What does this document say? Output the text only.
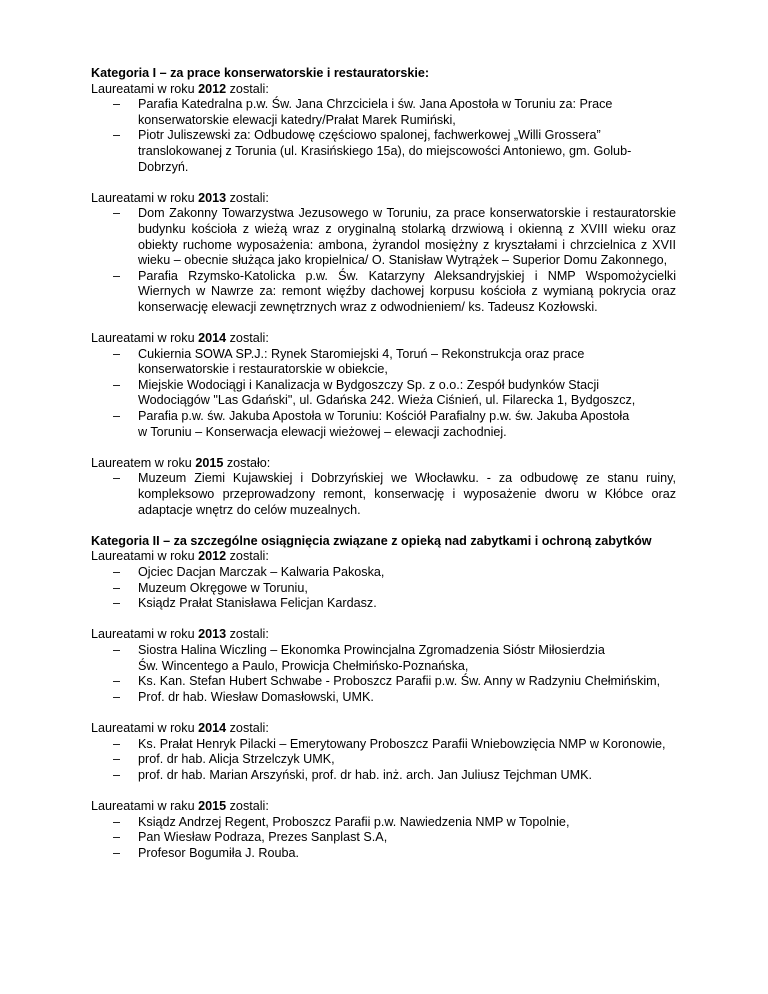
Kategoria I – za prace konserwatorskie i restauratorskie:
Laureatami w roku 2012 zostali:
– Parafia Katedralna p.w. Św. Jana Chrzciciela i św. Jana Apostoła w Toruniu za: Prace
konserwatorskie elewacji katedry/Prałat Marek Rumiński,
– Piotr Juliszewski za: Odbudowę częściowo spalonej, fachwerkowej „Willi Grossera”
translokowanej z Torunia (ul. Krasińskiego 15a), do miejscowości Antoniewo, gm. Golub-
Dobrzyń.
Laureatami w roku 2013 zostali:
– Dom Zakonny Towarzystwa Jezusowego w Toruniu, za prace konserwatorskie i restauratorskie
budynku kościoła z wieżą wraz z oryginalną stolarką drzwiową i okienną z XVIII wieku oraz
obiekty ruchome wyposażenia: ambona, żyrandol mosiężny z kryształami i chrzcielnica z XVII
wieku – obecnie służąca jako kropielnica/ O. Stanisław Wytrążek – Superior Domu Zakonnego,
– Parafia Rzymsko-Katolicka p.w. Św. Katarzyny Aleksandryjskiej i NMP Wspomożycielki
Wiernych w Nawrze za: remont więźby dachowej korpusu kościoła z wymianą pokrycia oraz
konserwację elewacji zewnętrznych wraz z odwodnieniem/ ks. Tadeusz Kozłowski.
Laureatami w roku 2014 zostali:
– Cukiernia SOWA SP.J.: Rynek Staromiejski 4, Toruń – Rekonstrukcja oraz prace
konserwatorskie i restauratorskie w obiekcie,
– Miejskie Wodociągi i Kanalizacja w Bydgoszczy Sp. z o.o.: Zespół budynków Stacji
Wodociągów "Las Gdański", ul. Gdańska 242. Wieża Ciśnień, ul. Filarecka 1, Bydgoszcz,
– Parafia p.w. św. Jakuba Apostoła w Toruniu: Kościół Parafialny p.w. św. Jakuba Apostoła
w Toruniu – Konserwacja elewacji wieżowej – elewacji zachodniej.
Laureatem w roku 2015 zostało:
– Muzeum Ziemi Kujawskiej i Dobrzyńskiej we Włocławku. - za odbudowę ze stanu ruiny,
kompleksowo przeprowadzony remont, konserwację i wyposażenie dworu w Kłóbce oraz
adaptacje wnętrz do celów muzealnych.
Kategoria II – za szczególne osiągnięcia związane z opieką nad zabytkami i ochroną zabytków
Laureatami w roku 2012 zostali:
– Ojciec Dacjan Marczak – Kalwaria Pakoska,
– Muzeum Okręgowe w Toruniu,
– Ksiądz Prałat Stanisława Felicjan Kardasz.
Laureatami w roku 2013 zostali:
– Siostra Halina Wiczling – Ekonomka Prowincjalna Zgromadzenia Sióstr Miłosierdzia
Św. Wincentego a Paulo, Prowicja Chełmińsko-Poznańska,
– Ks. Kan. Stefan Hubert Schwabe - Proboszcz Parafii p.w. Św. Anny w Radzyniu Chełmińskim,
– Prof. dr hab. Wiesław Domasłowski, UMK.
Laureatami w roku 2014 zostali:
– Ks. Prałat Henryk Pilacki – Emerytowany Proboszcz Parafii Wniebowzięcia NMP w Koronowie,
– prof. dr hab. Alicja Strzelczyk UMK,
– prof. dr hab. Marian Arszyński, prof. dr hab. inż. arch. Jan Juliusz Tejchman UMK.
Laureatami w raku 2015 zostali:
– Ksiądz Andrzej Regent, Proboszcz Parafii p.w. Nawiedzenia NMP w Topolnie,
– Pan Wiesław Podraza, Prezes Sanplast S.A,
– Profesor Bogumiła J. Rouba.
